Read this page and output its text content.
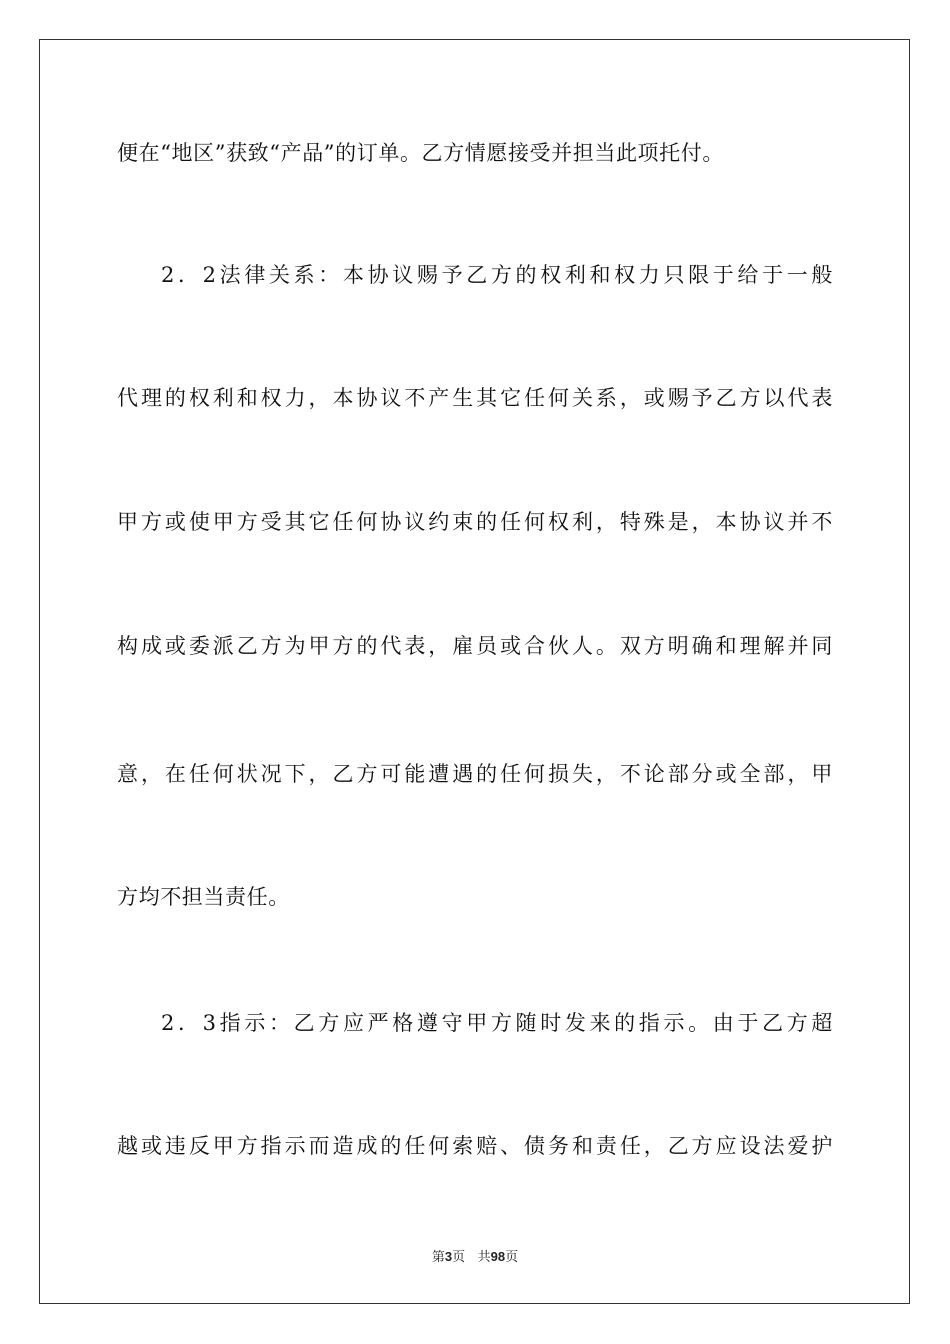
便在“地区”获致“产品”的订单。乙方情愿接受并担当此项托付。
2．2法律关系：本协议赐予乙方的权利和权力只限于给于一般
代理的权利和权力，本协议不产生其它任何关系，或赐予乙方以代表
甲方或使甲方受其它任何协议约束的任何权利，特殊是，本协议并不
构成或委派乙方为甲方的代表，雇员或合伙人。双方明确和理解并同
意，在任何状况下，乙方可能遭遇的任何损失，不论部分或全部，甲
方均不担当责任。
2．3指示：乙方应严格遵守甲方随时发来的指示。由于乙方超
越或违反甲方指示而造成的任何索赔、债务和责任，乙方应设法爱护
第3页 共98页
